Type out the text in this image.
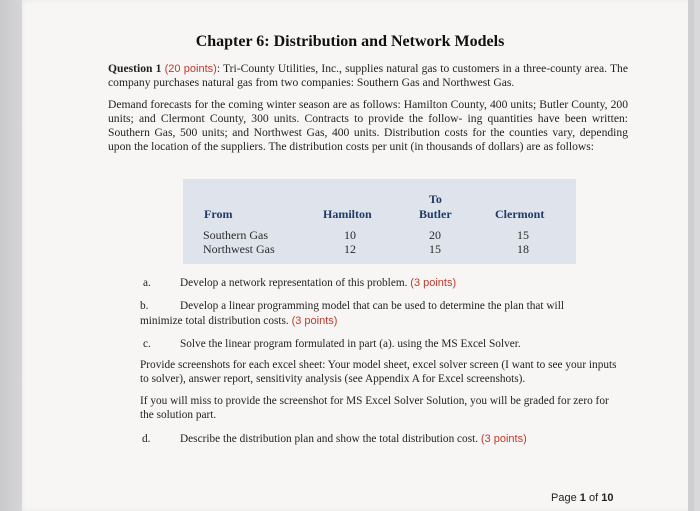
Chapter 6: Distribution and Network Models

Question 1 (20 points): Tri-County Utilities, Inc., supplies natural gas to customers in a three-county area. The company purchases natural gas from two companies: Southern Gas and Northwest Gas.

Demand forecasts for the coming winter season are as follows: Hamilton County, 400 units; Butler County, 200 units; and Clermont County, 300 units. Contracts to provide the follow- ing quantities have been written: Southern Gas, 500 units; and Northwest Gas, 400 units. Distribution costs for the counties vary, depending upon the location of the suppliers. The distribution costs per unit (in thousands of dollars) are as follows:

To
From	Hamilton	Butler	Clermont
Southern Gas	10	20	15
Northwest Gas	12	15	18
a.	Develop a network representation of this problem. (3 points)
b.	Develop a linear programming model that can be used to determine the plan that will
minimize total distribution costs. (3 points)
c.	Solve the linear program formulated in part (a). using the MS Excel Solver.

Provide screenshots for each excel sheet: Your model sheet, excel solver screen (I want to see your inputs to solver), answer report, sensitivity analysis (see Appendix A for Excel screenshots).

If you will miss to provide the screenshot for MS Excel Solver Solution, you will be graded for zero for the solution part.

d.	Describe the distribution plan and show the total distribution cost. (3 points)
Page 1 of 10
